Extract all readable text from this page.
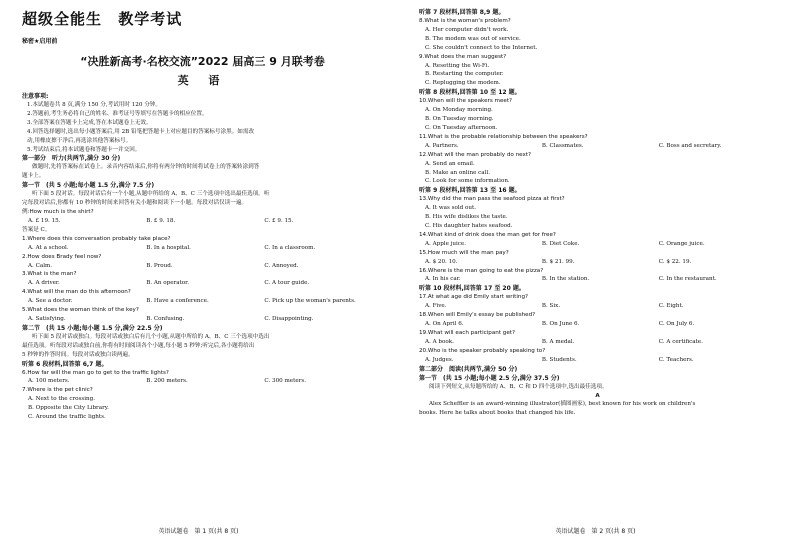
超级全能生 教学考试
秘密★启用前
“决胜新高考·名校交流”2022 届高三 9 月联考卷
英 语
注意事项:
1.本试题卷共 8 页,满分 150 分,考试用时 120 分钟。
2.答题前,考生务必将自己的姓名、准考证号等填写在答题卡的相应位置。
3.全部答案在答题卡上完成,答在本试题卷上无效。
4.回答选择题时,选出每小题答案后,用 2B 铅笔把答题卡上对应题目的答案标号涂黑。如需改
动,用橡皮擦干净后,再选涂其他答案标号。
5.考试结束后,将本试题卷和答题卡一并交回。
第一部分　听力(共两节,满分 30 分)
做题时,先将答案标在试卷上。录音内容结束后,你将有两分钟的时间将试卷上的答案转涂到答
题卡上。
第一节　(共 5 小题;每小题 1.5 分,满分 7.5 分)
听下面 5 段对话。每段对话后有一个小题,从题中所给的 A、B、C 三个选项中选出最佳选项。听
完每段对话后,你都有 10 秒钟的时间来回答有关小题和阅读下一小题。每段对话仅读一遍。
例:How much is the shirt?
A. £ 19. 15.	B. £ 9. 18.	C. £ 9. 15.
答案是 C。
1.Where does this conversation probably take place?
A. At a school.	B. In a hospital.	C. In a classroom.
2.How does Brady feel now?
A. Calm.	B. Proud.	C. Annoyed.
3.What is the man?
A. A driver.	B. An operator.	C. A tour guide.
4.What will the man do this afternoon?
A. See a doctor.	B. Have a conference.	C. Pick up the woman's parents.
5.What does the woman think of the key?
A. Satisfying.	B. Confusing.	C. Disappointing.
第二节　(共 15 小题;每小题 1.5 分,满分 22.5 分)
听下面 5 段对话或独白。每段对话或独白后有几个小题,从题中所给的 A、B、C 三个选项中选出
最佳选项。听每段对话或独白前,你将有时间阅读各个小题,每小题 5 秒钟;听完后,各小题将给出
5 秒钟的作答时间。每段对话或独白读两遍。
听第 6 段材料,回答第 6,7 题。
6.How far will the man go to get to the traffic lights?
A. 100 meters.	B. 200 meters.	C. 300 meters.
7.Where is the pet clinic?
A. Next to the crossing.
B. Opposite the City Library.
C. Around the traffic lights.
英语试题卷　第 1 页(共 8 页)
听第 7 段材料,回答第 8,9 题。
8.What is the woman's problem?
A. Her computer didn't work.
B. The modem was out of service.
C. She couldn't connect to the Internet.
9.What does the man suggest?
A. Resetting the Wi-Fi.
B. Restarting the computer.
C. Replugging the modem.
听第 8 段材料,回答第 10 至 12 题。
10.When will the speakers meet?
A. On Monday morning.
B. On Tuesday morning.
C. On Tuesday afternoon.
11.What is the probable relationship between the speakers?
A. Partners.	B. Classmates.	C. Boss and secretary.
12.What will the man probably do next?
A. Send an email.
B. Make an online call.
C. Look for some information.
听第 9 段材料,回答第 13 至 16 题。
13.Why did the man pass the seafood pizza at first?
A. It was sold out.
B. His wife dislikes the taste.
C. His daughter hates seafood.
14.What kind of drink does the man get for free?
A. Apple juice.	B. Diet Coke.	C. Orange juice.
15.How much will the man pay?
A. $ 20. 10.	B. $ 21. 99.	C. $ 22. 19.
16.Where is the man going to eat the pizza?
A. In his car.	B. In the station.	C. In the restaurant.
听第 10 段材料,回答第 17 至 20 题。
17.At what age did Emily start writing?
A. Five.	B. Six.	C. Eight.
18.When will Emily's essay be published?
A. On April 6.	B. On June 6.	C. On July 6.
19.What will each participant get?
A. A book.	B. A medal.	C. A certificate.
20.Who is the speaker probably speaking to?
A. Judges.	B. Students.	C. Teachers.
第二部分　阅读(共两节,满分 50 分)
第一节　(共 15 小题;每小题 2.5 分,满分 37.5 分)
阅读下列短文,从每题所给的 A、B、C 和 D 四个选项中,选出最佳选项。
A
Alex Scheffler is an award-winning illustrator(插图画家), best known for his work on children's
books. Here he talks about books that changed his life.
英语试题卷　第 2 页(共 8 页)
